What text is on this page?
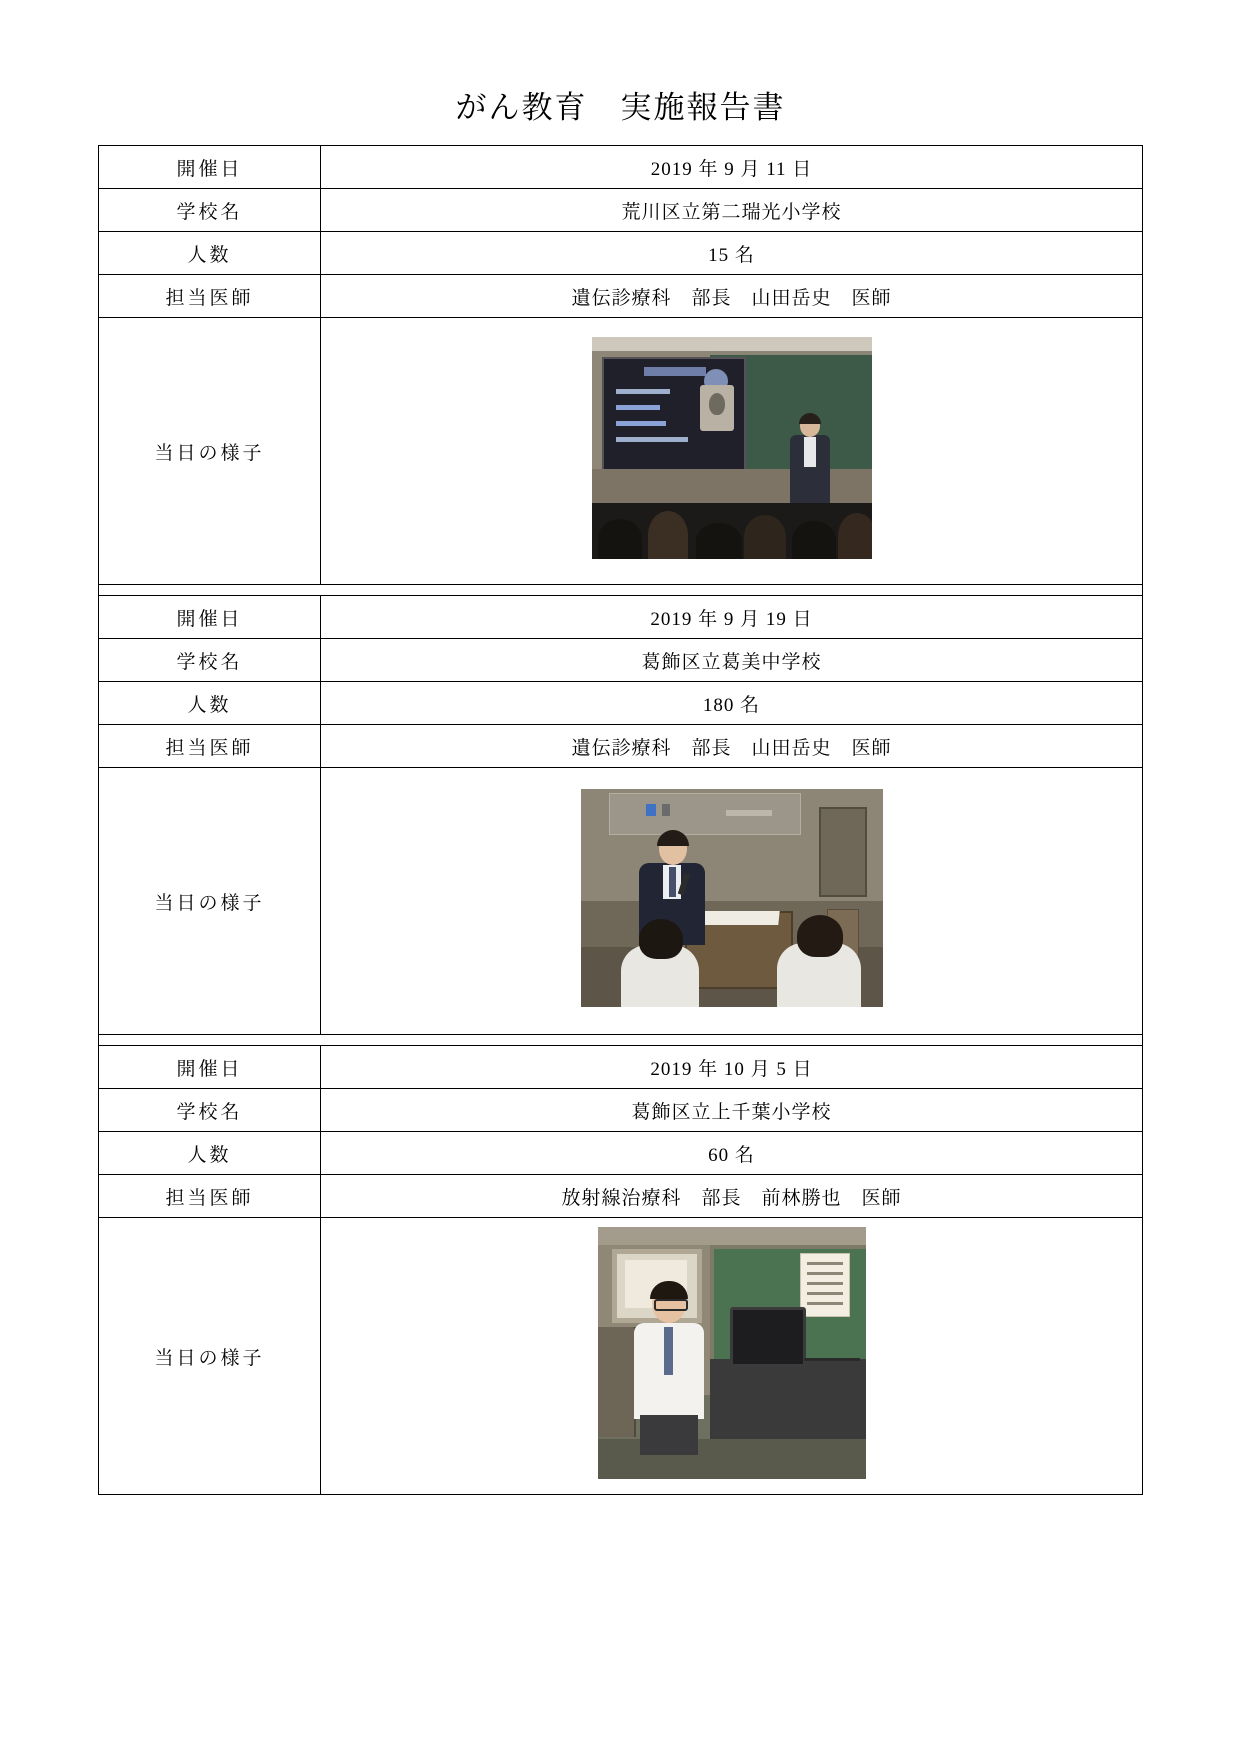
がん教育　実施報告書
開催日	2019 年 9 月 11 日
学校名	荒川区立第二瑞光小学校
人数	15 名
担当医師	遺伝診療科　部長　山田岳史　医師
当日の様子	

開催日	2019 年 9 月 19 日
学校名	葛飾区立葛美中学校
人数	180 名
担当医師	遺伝診療科　部長　山田岳史　医師
当日の様子	

開催日	2019 年 10 月 5 日
学校名	葛飾区立上千葉小学校
人数	60 名
担当医師	放射線治療科　部長　前林勝也　医師
当日の様子	
